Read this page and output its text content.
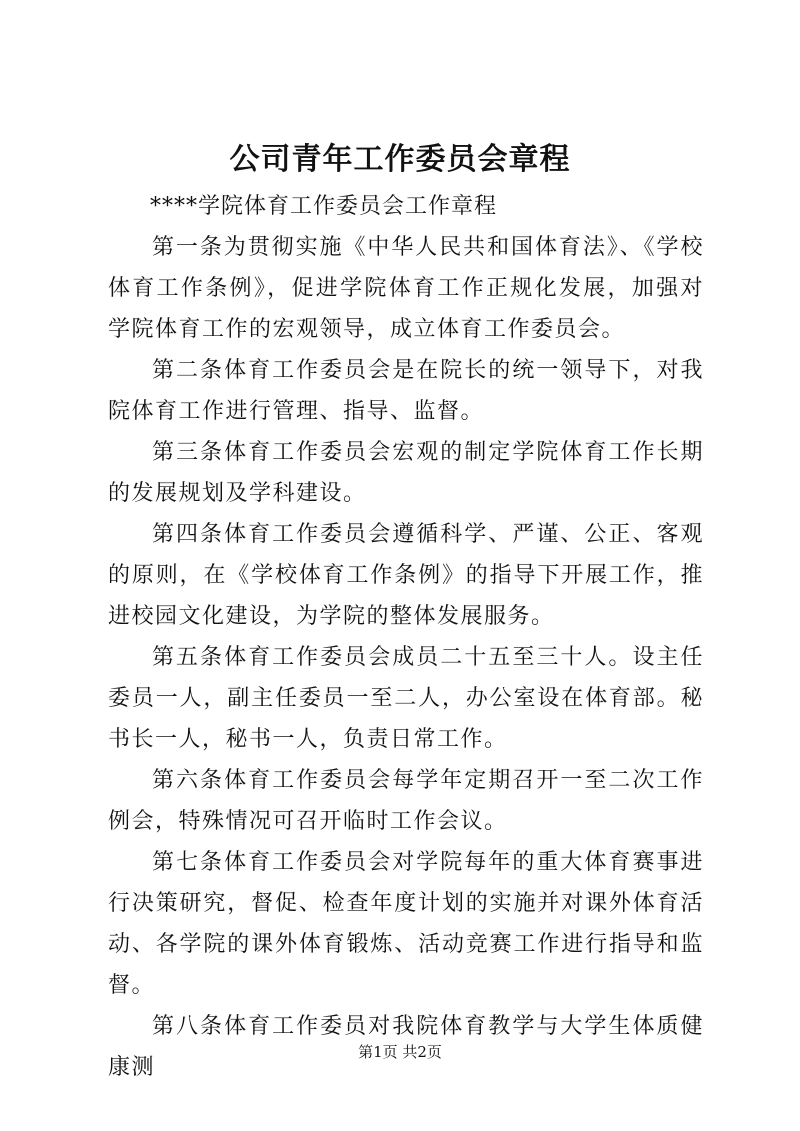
公司青年工作委员会章程

****学院体育工作委员会工作章程

第一条为贯彻实施《中华人民共和国体育法》、《学校体育工作条例》，促进学院体育工作正规化发展，加强对学院体育工作的宏观领导，成立体育工作委员会。

第二条体育工作委员会是在院长的统一领导下，对我院体育工作进行管理、指导、监督。

第三条体育工作委员会宏观的制定学院体育工作长期的发展规划及学科建设。

第四条体育工作委员会遵循科学、严谨、公正、客观的原则，在《学校体育工作条例》的指导下开展工作，推进校园文化建设，为学院的整体发展服务。

第五条体育工作委员会成员二十五至三十人。设主任委员一人，副主任委员一至二人，办公室设在体育部。秘书长一人，秘书一人，负责日常工作。

第六条体育工作委员会每学年定期召开一至二次工作例会，特殊情况可召开临时工作会议。

第七条体育工作委员会对学院每年的重大体育赛事进行决策研究，督促、检查年度计划的实施并对课外体育活动、各学院的课外体育锻炼、活动竞赛工作进行指导和监督。

第八条体育工作委员对我院体育教学与大学生体质健康测

第1页 共2页
